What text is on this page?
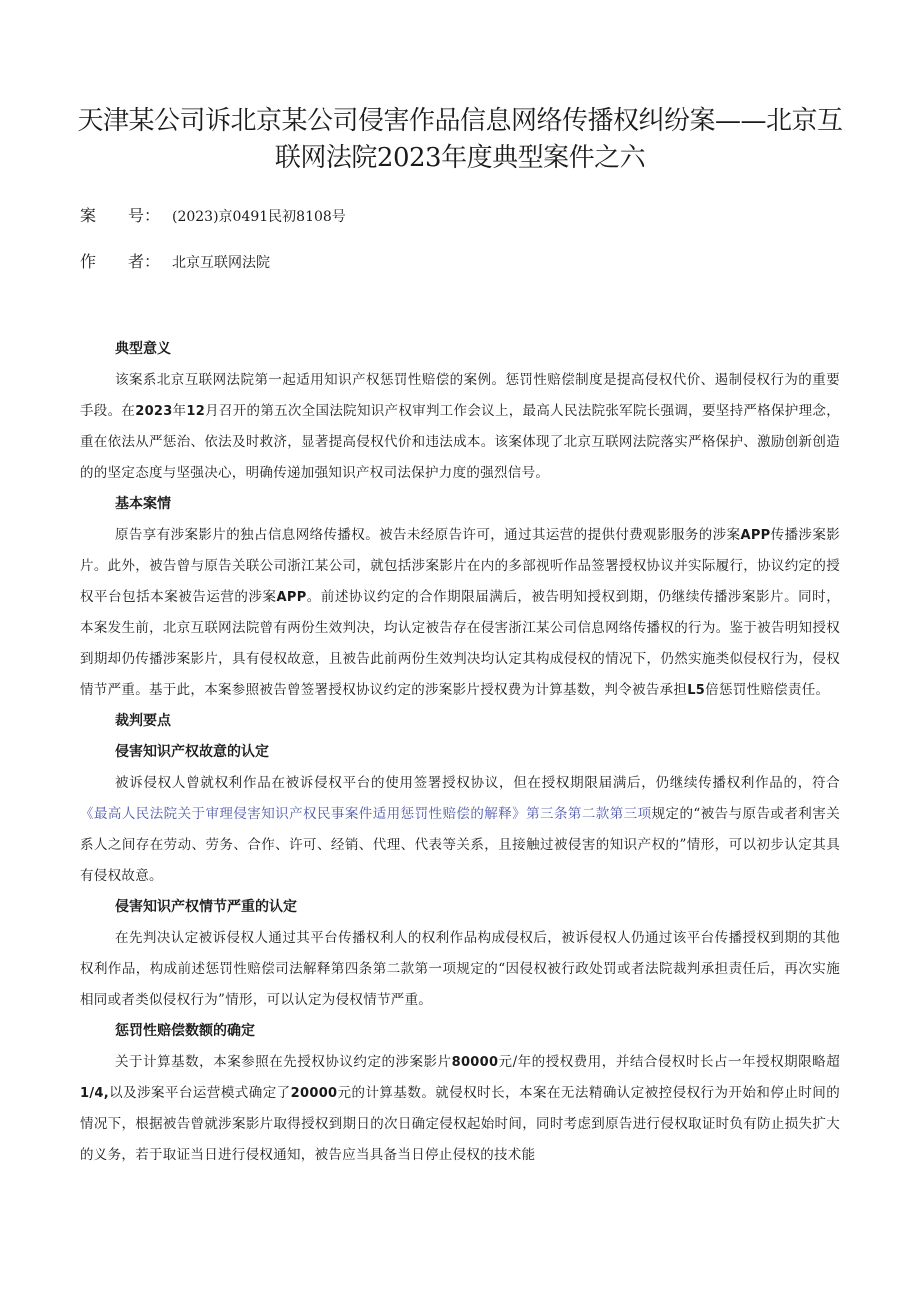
天津某公司诉北京某公司侵害作品信息网络传播权纠纷案——北京互联网法院2023年度典型案件之六
案　　号： (2023)京0491民初8108号
作　　者： 北京互联网法院
典型意义

该案系北京互联网法院第一起适用知识产权惩罚性赔偿的案例。惩罚性赔偿制度是提高侵权代价、遏制侵权行为的重要手段。在2023年12月召开的第五次全国法院知识产权审判工作会议上，最高人民法院张军院长强调，要坚持严格保护理念，重在依法从严惩治、依法及时救济，显著提高侵权代价和违法成本。该案体现了北京互联网法院落实严格保护、激励创新创造的的坚定态度与坚强决心，明确传递加强知识产权司法保护力度的强烈信号。

基本案情

原告享有涉案影片的独占信息网络传播权。被告未经原告许可，通过其运营的提供付费观影服务的涉案APP传播涉案影片。此外，被告曾与原告关联公司浙江某公司，就包括涉案影片在内的多部视听作品签署授权协议并实际履行，协议约定的授权平台包括本案被告运营的涉案APP。前述协议约定的合作期限届满后，被告明知授权到期，仍继续传播涉案影片。同时，本案发生前，北京互联网法院曾有两份生效判决，均认定被告存在侵害浙江某公司信息网络传播权的行为。鉴于被告明知授权到期却仍传播涉案影片，具有侵权故意，且被告此前两份生效判决均认定其构成侵权的情况下，仍然实施类似侵权行为，侵权情节严重。基于此，本案参照被告曾签署授权协议约定的涉案影片授权费为计算基数，判令被告承担L5倍惩罚性赔偿责任。

裁判要点
侵害知识产权故意的认定

被诉侵权人曾就权利作品在被诉侵权平台的使用签署授权协议，但在授权期限届满后，仍继续传播权利作品的，符合《最高人民法院关于审理侵害知识产权民事案件适用惩罚性赔偿的解释》第三条第二款第三项规定的“被告与原告或者利害关系人之间存在劳动、劳务、合作、许可、经销、代理、代表等关系，且接触过被侵害的知识产权的”情形，可以初步认定其具有侵权故意。

侵害知识产权情节严重的认定

在先判决认定被诉侵权人通过其平台传播权利人的权利作品构成侵权后，被诉侵权人仍通过该平台传播授权到期的其他权利作品，构成前述惩罚性赔偿司法解释第四条第二款第一项规定的“因侵权被行政处罚或者法院裁判承担责任后，再次实施相同或者类似侵权行为”情形，可以认定为侵权情节严重。

惩罚性赔偿数额的确定

关于计算基数，本案参照在先授权协议约定的涉案影片80000元/年的授权费用，并结合侵权时长占一年授权期限略超1/4,以及涉案平台运营模式确定了20000元的计算基数。就侵权时长，本案在无法精确认定被控侵权行为开始和停止时间的情况下，根据被告曾就涉案影片取得授权到期日的次日确定侵权起始时间，同时考虑到原告进行侵权取证时负有防止损失扩大的义务，若于取证当日进行侵权通知，被告应当具备当日停止侵权的技术能
